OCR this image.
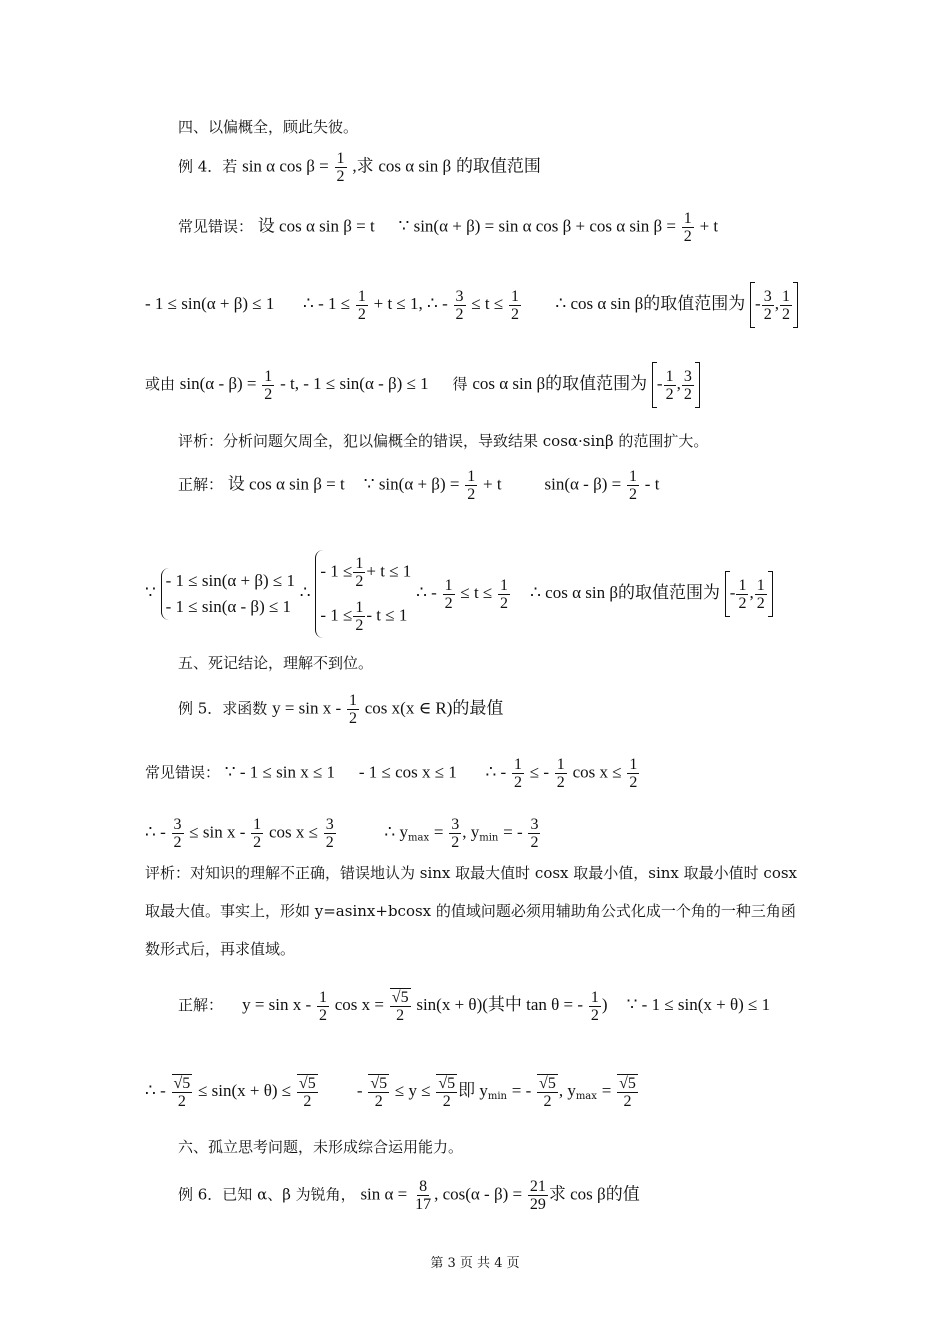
四、以偏概全，顾此失彼。
例 4．若 sin α $\cos \beta = \frac{1}{2}$ ,求 cos α sin β 的取值范围
常见错误： 设 cos α sin β = t ∵ sin(α + β) = sin α cos β + cos α $\sin \beta = \frac{1}{2} + t$
- 1 ≤ sin(α + β) ≤ 1 ∴ - $1 \le \frac{1}{2} + t \le 1$, ∴ - $\frac{3}{2} \le t \le \frac{1}{2}$ ∴ cos α sin β的取值范围为 - $\frac{3}{2}$ , $\frac{1}{2}$
或由 $\sin(\alpha - \beta) = \frac{1}{2} - t$, - 1 ≤ sin(α - β) ≤ 1 得 cos α sin β的取值范围为 - $\frac{1}{2}$ , $\frac{3}{2}$
评析：分析问题欠周全，犯以偏概全的错误，导致结果 cosα·sinβ 的范围扩大。
正解： 设 cos α sin β = t ∵ $\sin(\alpha + \beta) = \frac{1}{2} + t$	$\sin(\alpha - \beta) = \frac{1}{2} - t$
∵
- 1 ≤ sin(α + β) ≤ 1
- 1 ≤ sin(α - β) ≤ 1
∴
- $1 \le \frac{1}{2} + t \le 1$
- $1 \le \frac{1}{2} - t \le 1$
∴ - $\frac{1}{2} \le t \le \frac{1}{2}$ ∴ cos α sin β的取值范围为 - $\frac{1}{2}$ , $\frac{1}{2}$
五、死记结论，理解不到位。
例 5．求函数 $y = \sin x - \frac{1}{2}$ cos x(x ∈ R)的最值
常见错误： ∵ - 1 ≤ sin x ≤ 1 - 1 ≤ cos x ≤ 1 ∴ - $\frac{1}{2}$ ≤ - $\frac{1}{2}$ $\cos x \le \frac{1}{2}$
∴ - $\frac{3}{2} \le \sin x - \frac{1}{2}$ $\cos x \le \frac{3}{2}$	∴ $y_{max} = \frac{3}{2}$ , $y_{min}$ = - $\frac{3}{2}$
评析：对知识的理解不正确，错误地认为 sinx 取最大值时 cosx 取最小值，sinx 取最小值时 cosx
取最大值。事实上，形如 y=asinx+bcosx 的值域问题必须用辅助角公式化成一个角的一种三角函
数形式后，再求值域。
正解： $y = \sin x - \frac{1}{2}$ $\cos x = \frac{√5}{2} \sin(x + \theta)$(其中 tan θ = - $\frac{1}{2}$ ) ∵ - 1 ≤ sin(x + θ) ≤ 1
∴ - $\frac{√5}{2} \le \sin(x + \theta) \le \frac{√5}{2} - \frac{√5}{2} \le y \le \frac{√5}{2}$ 即 $y_{min}$ = - $\frac{√5}{2}$ , $y_{max} = \frac{√5}{2}$
六、孤立思考问题，未形成综合运用能力。
例 6．已知 α、β 为锐角， $\sin \alpha = \frac{8}{17}$ , $\cos(\alpha - \beta) = \frac{21}{29}$ 求 cos β的值
第 3 页 共 4 页
